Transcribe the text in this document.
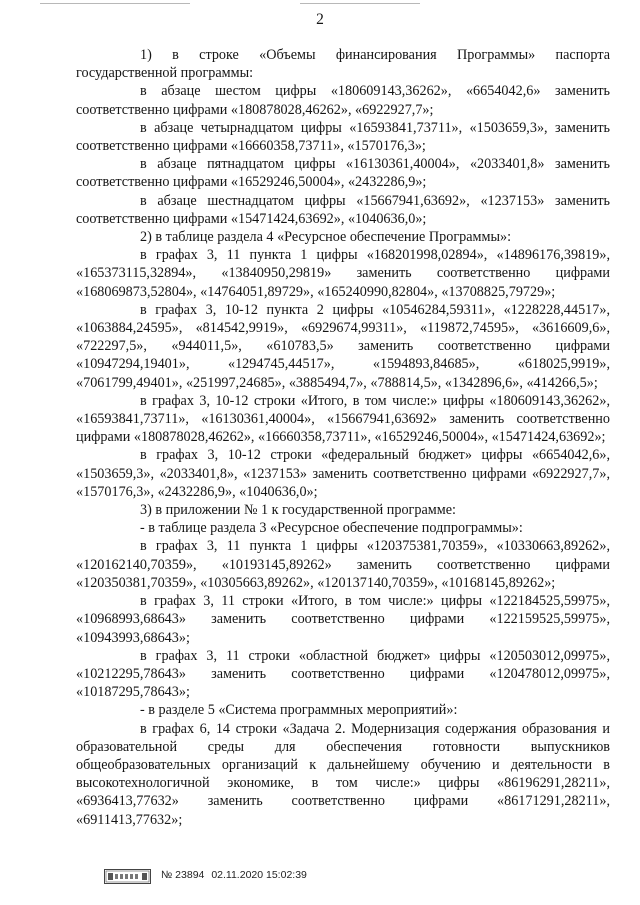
2

1) в строке «Объемы финансирования Программы» паспорта государственной программы:

в абзаце шестом цифры «180609143,36262», «6654042,6» заменить соответственно цифрами «180878028,46262», «6922927,7»;

в абзаце четырнадцатом цифры «16593841,73711», «1503659,3», заменить соответственно цифрами «16660358,73711», «1570176,3»;

в абзаце пятнадцатом цифры «16130361,40004», «2033401,8» заменить соответственно цифрами «16529246,50004», «2432286,9»;

в абзаце шестнадцатом цифры «15667941,63692», «1237153» заменить соответственно цифрами «15471424,63692», «1040636,0»;

2) в таблице раздела 4 «Ресурсное обеспечение Программы»:

в графах 3, 11 пункта 1 цифры «168201998,02894», «14896176,39819», «165373115,32894», «13840950,29819» заменить соответственно цифрами «168069873,52804», «14764051,89729», «165240990,82804», «13708825,79729»;

в графах 3, 10-12 пункта 2 цифры «10546284,59311», «1228228,44517», «1063884,24595», «814542,9919», «6929674,99311», «119872,74595», «3616609,6», «722297,5», «944011,5», «610783,5» заменить соответственно цифрами «10947294,19401», «1294745,44517», «1594893,84685», «618025,9919», «7061799,49401», «251997,24685», «3885494,7», «788814,5», «1342896,6», «414266,5»;

в графах 3, 10-12 строки «Итого, в том числе:» цифры «180609143,36262», «16593841,73711», «16130361,40004», «15667941,63692» заменить соответственно цифрами «180878028,46262», «16660358,73711», «16529246,50004», «15471424,63692»;

в графах 3, 10-12 строки «федеральный бюджет» цифры «6654042,6», «1503659,3», «2033401,8», «1237153» заменить соответственно цифрами «6922927,7», «1570176,3», «2432286,9», «1040636,0»;

3) в приложении № 1 к государственной программе:

- в таблице раздела 3 «Ресурсное обеспечение подпрограммы»:

в графах 3, 11 пункта 1 цифры «120375381,70359», «10330663,89262», «120162140,70359», «10193145,89262» заменить соответственно цифрами «120350381,70359», «10305663,89262», «120137140,70359», «10168145,89262»;

в графах 3, 11 строки «Итого, в том числе:» цифры «122184525,59975», «10968993,68643» заменить соответственно цифрами «122159525,59975», «10943993,68643»;

в графах 3, 11 строки «областной бюджет» цифры «120503012,09975», «10212295,78643» заменить соответственно цифрами «120478012,09975», «10187295,78643»;

- в разделе 5 «Система программных мероприятий»:

в графах 6, 14 строки «Задача 2. Модернизация содержания образования и образовательной среды для обеспечения готовности выпускников общеобразовательных организаций к дальнейшему обучению и деятельности в высокотехнологичной экономике, в том числе:» цифры «86196291,28211», «6936413,77632» заменить соответственно цифрами «86171291,28211», «6911413,77632»;

№ 23894 02.11.2020 15:02:39
